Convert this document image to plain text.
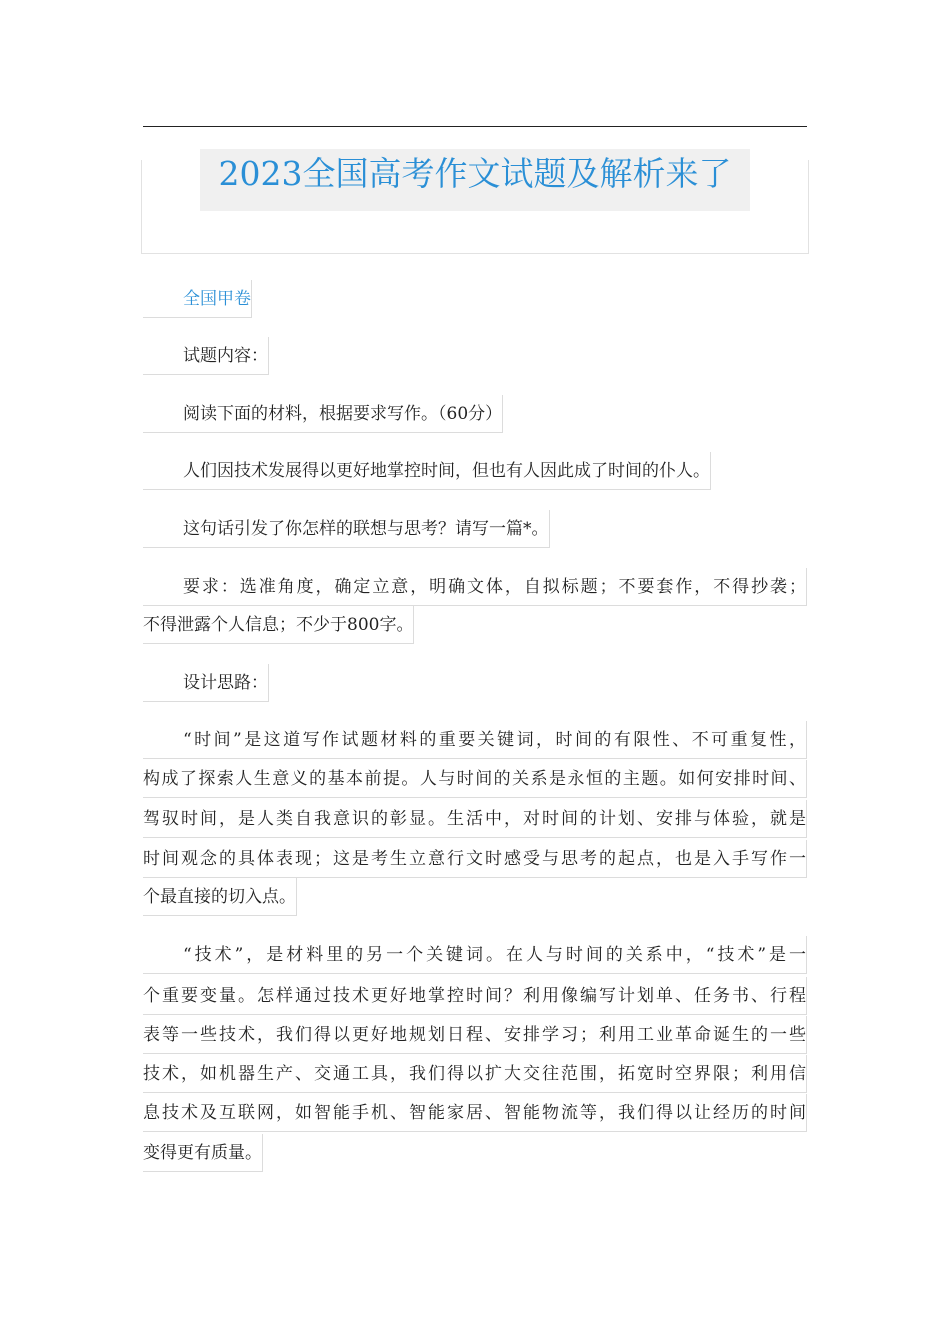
2023全国高考作文试题及解析来了
全国甲卷
试题内容：
阅读下面的材料，根据要求写作。（60分）
人们因技术发展得以更好地掌控时间，但也有人因此成了时间的仆人。
这句话引发了你怎样的联想与思考？请写一篇*。
要求：选准角度，确定立意，明确文体，自拟标题；不要套作，不得抄袭；
不得泄露个人信息；不少于800字。
设计思路：
“时间”是这道写作试题材料的重要关键词，时间的有限性、不可重复性，
构成了探索人生意义的基本前提。人与时间的关系是永恒的主题。如何安排时间、
驾驭时间，是人类自我意识的彰显。生活中，对时间的计划、安排与体验，就是
时间观念的具体表现；这是考生立意行文时感受与思考的起点，也是入手写作一
个最直接的切入点。
“技术”，是材料里的另一个关键词。在人与时间的关系中，“技术”是一
个重要变量。怎样通过技术更好地掌控时间？利用像编写计划单、任务书、行程
表等一些技术，我们得以更好地规划日程、安排学习；利用工业革命诞生的一些
技术，如机器生产、交通工具，我们得以扩大交往范围，拓宽时空界限；利用信
息技术及互联网，如智能手机、智能家居、智能物流等，我们得以让经历的时间
变得更有质量。
